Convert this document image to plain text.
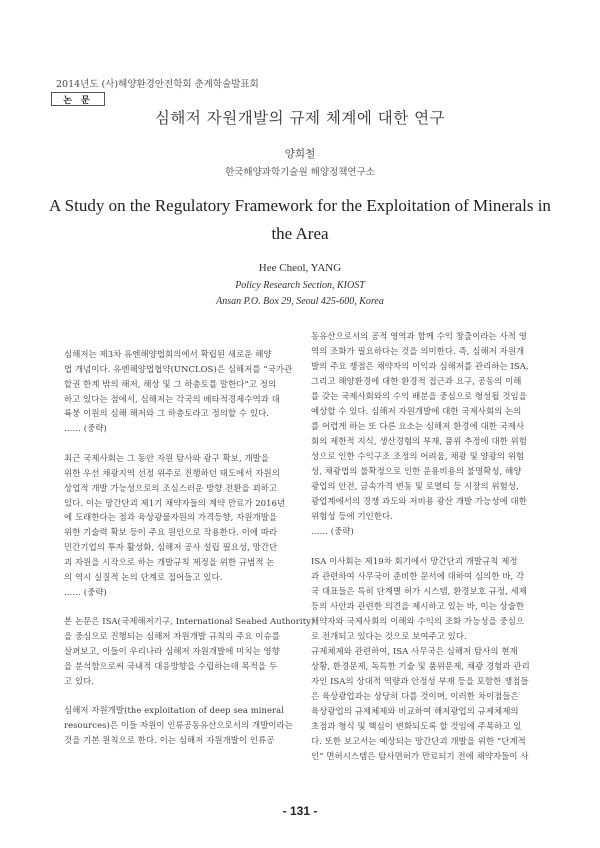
2014년도 (사)해양환경안전학회 춘계학술발표회
논 문
심해저 자원개발의 규제 체계에 대한 연구
양희철
한국해양과학기술원 해양정책연구소
A Study on the Regulatory Framework for the Exploitation of Minerals in
the Area
Hee Cheol, YANG
Policy Research Section, KIOST
Ansan P.O. Box 29, Seoul 425-600, Korea
심해저는 제3차 유엔해양법회의에서 확립된 새로운 해양
법 개념이다. 유엔해양법협약(UNCLOS)은 심해저를 “국가관
할권 한계 밖의 해저, 해상 및 그 하층토를 말한다”고 정의
하고 있다는 점에서, 심해저는 각국의 배타적경제수역과 대
륙붕 이원의 심해 해저와 그 하층토라고 정의할 수 있다.
…… (중략)
최근 국제사회는 그 동안 자원 탐사와 광구 확보, 개발을
위한 우선 채광지역 선정 위주로 진행하던 태도에서 자원의
상업적 개발 가능성으로의 조심스러운 방향 전환을 꾀하고
있다. 이는 망간단괴 제1기 채약자들의 계약 만료가 2016년
에 도래한다는 점과 육상광물자원의 가격등향, 자원개발을
위한 기술력 확보 등이 주요 원인으로 작용한다. 이에 따라
민간기업의 투자 활성화, 심해저 공사 설립 필요성, 망간단
괴 자원을 시작으로 하는 개발규칙 제정을 위한 규범적 논
의 역시 실질적 논의 단계로 접어들고 있다.
…… (중략)
본 논문은 ISA(국제해저기구, International Seabed Authority)
을 중심으로 진행되는 심해저 자원개발 규칙의 주요 이슈를
살펴보고, 이들이 우리나라 심해저 자원개발에 미치는 영향
을 분석함으로써 국내적 대응방향을 수립하는데 목적을 두
고 있다.
심해저 자원개발(the exploitation of deep sea mineral
resources)은 이들 자원이 인류공동유산으로서의 개발이라는
것을 기본 원칙으로 한다. 이는 심해저 자원개발이 인류공
동유산으로서의 공적 영역과 함께 수익 창출이라는 사적 영
역의 조화가 필요하다는 것을 의미한다. 즉, 심해저 자원개
발의 주요 쟁점은 채약자의 이익과 심해저를 관리하는 ISA,
그리고 해양환경에 대한 환경적 접근과 요구, 공동의 이해
를 갖는 국제사회와의 수익 배분을 중심으로 형성될 것임을
예상할 수 있다. 심해저 자원개발에 대한 국제사회의 논의
를 어렵게 하는 또 다른 요소는 심해저 환경에 대한 국제사
회의 제한적 지식, 생산경험의 부재, 품위 추정에 대한 위험
성으로 인한 수익구조 조정의 어려움, 채광 및 양광의 위험
성, 채광법의 불확정으로 인한 운용비용의 불명확성, 해양
광업의 안전, 금속가격 변동 및 로열티 등 시장의 위험성,
광업계에서의 경쟁 과도와 저비용 광산 개발 가능성에 대한
위험성 등에 기인한다.
…… (중략)
ISA 이사회는 제19차 회기에서 망간단괴 개발규칙 제정
과 관련하여 사무국이 준비한 문서에 대하여 심의한 바, 각
국 대표들은 특히 단계별 허가 시스템, 환경보호 규정, 세제
등의 사안과 관련한 의견을 제시하고 있는 바, 이는 상술한
채약자와 국제사회의 이해와 수익의 조화 가능성을 중심으
로 전개되고 있다는 것으로 보여주고 있다.
규제체제와 관련하여, ISA 사무국은 심해저 탐사의 현재
상황, 환경문제, 독특한 기술 및 품위문제, 채광 경험과 관리
자인 ISA의 상대적 역량과 안정성 부재 등을 포함한 쟁점들
은 육상광업과는 상당히 다를 것이며, 이러한 차이점들은
육상광업의 규제체제와 비교하여 해저광업의 규제체제의
초점과 형식 및 핵심이 변화되도록 할 것임에 주목하고 있
다. 또한 보고서는 예상되는 망간단괴 개발을 위한 “단계적
인” 면허시스템은 탐사면허가 만료되기 전에 채약자들이 사
- 131 -
